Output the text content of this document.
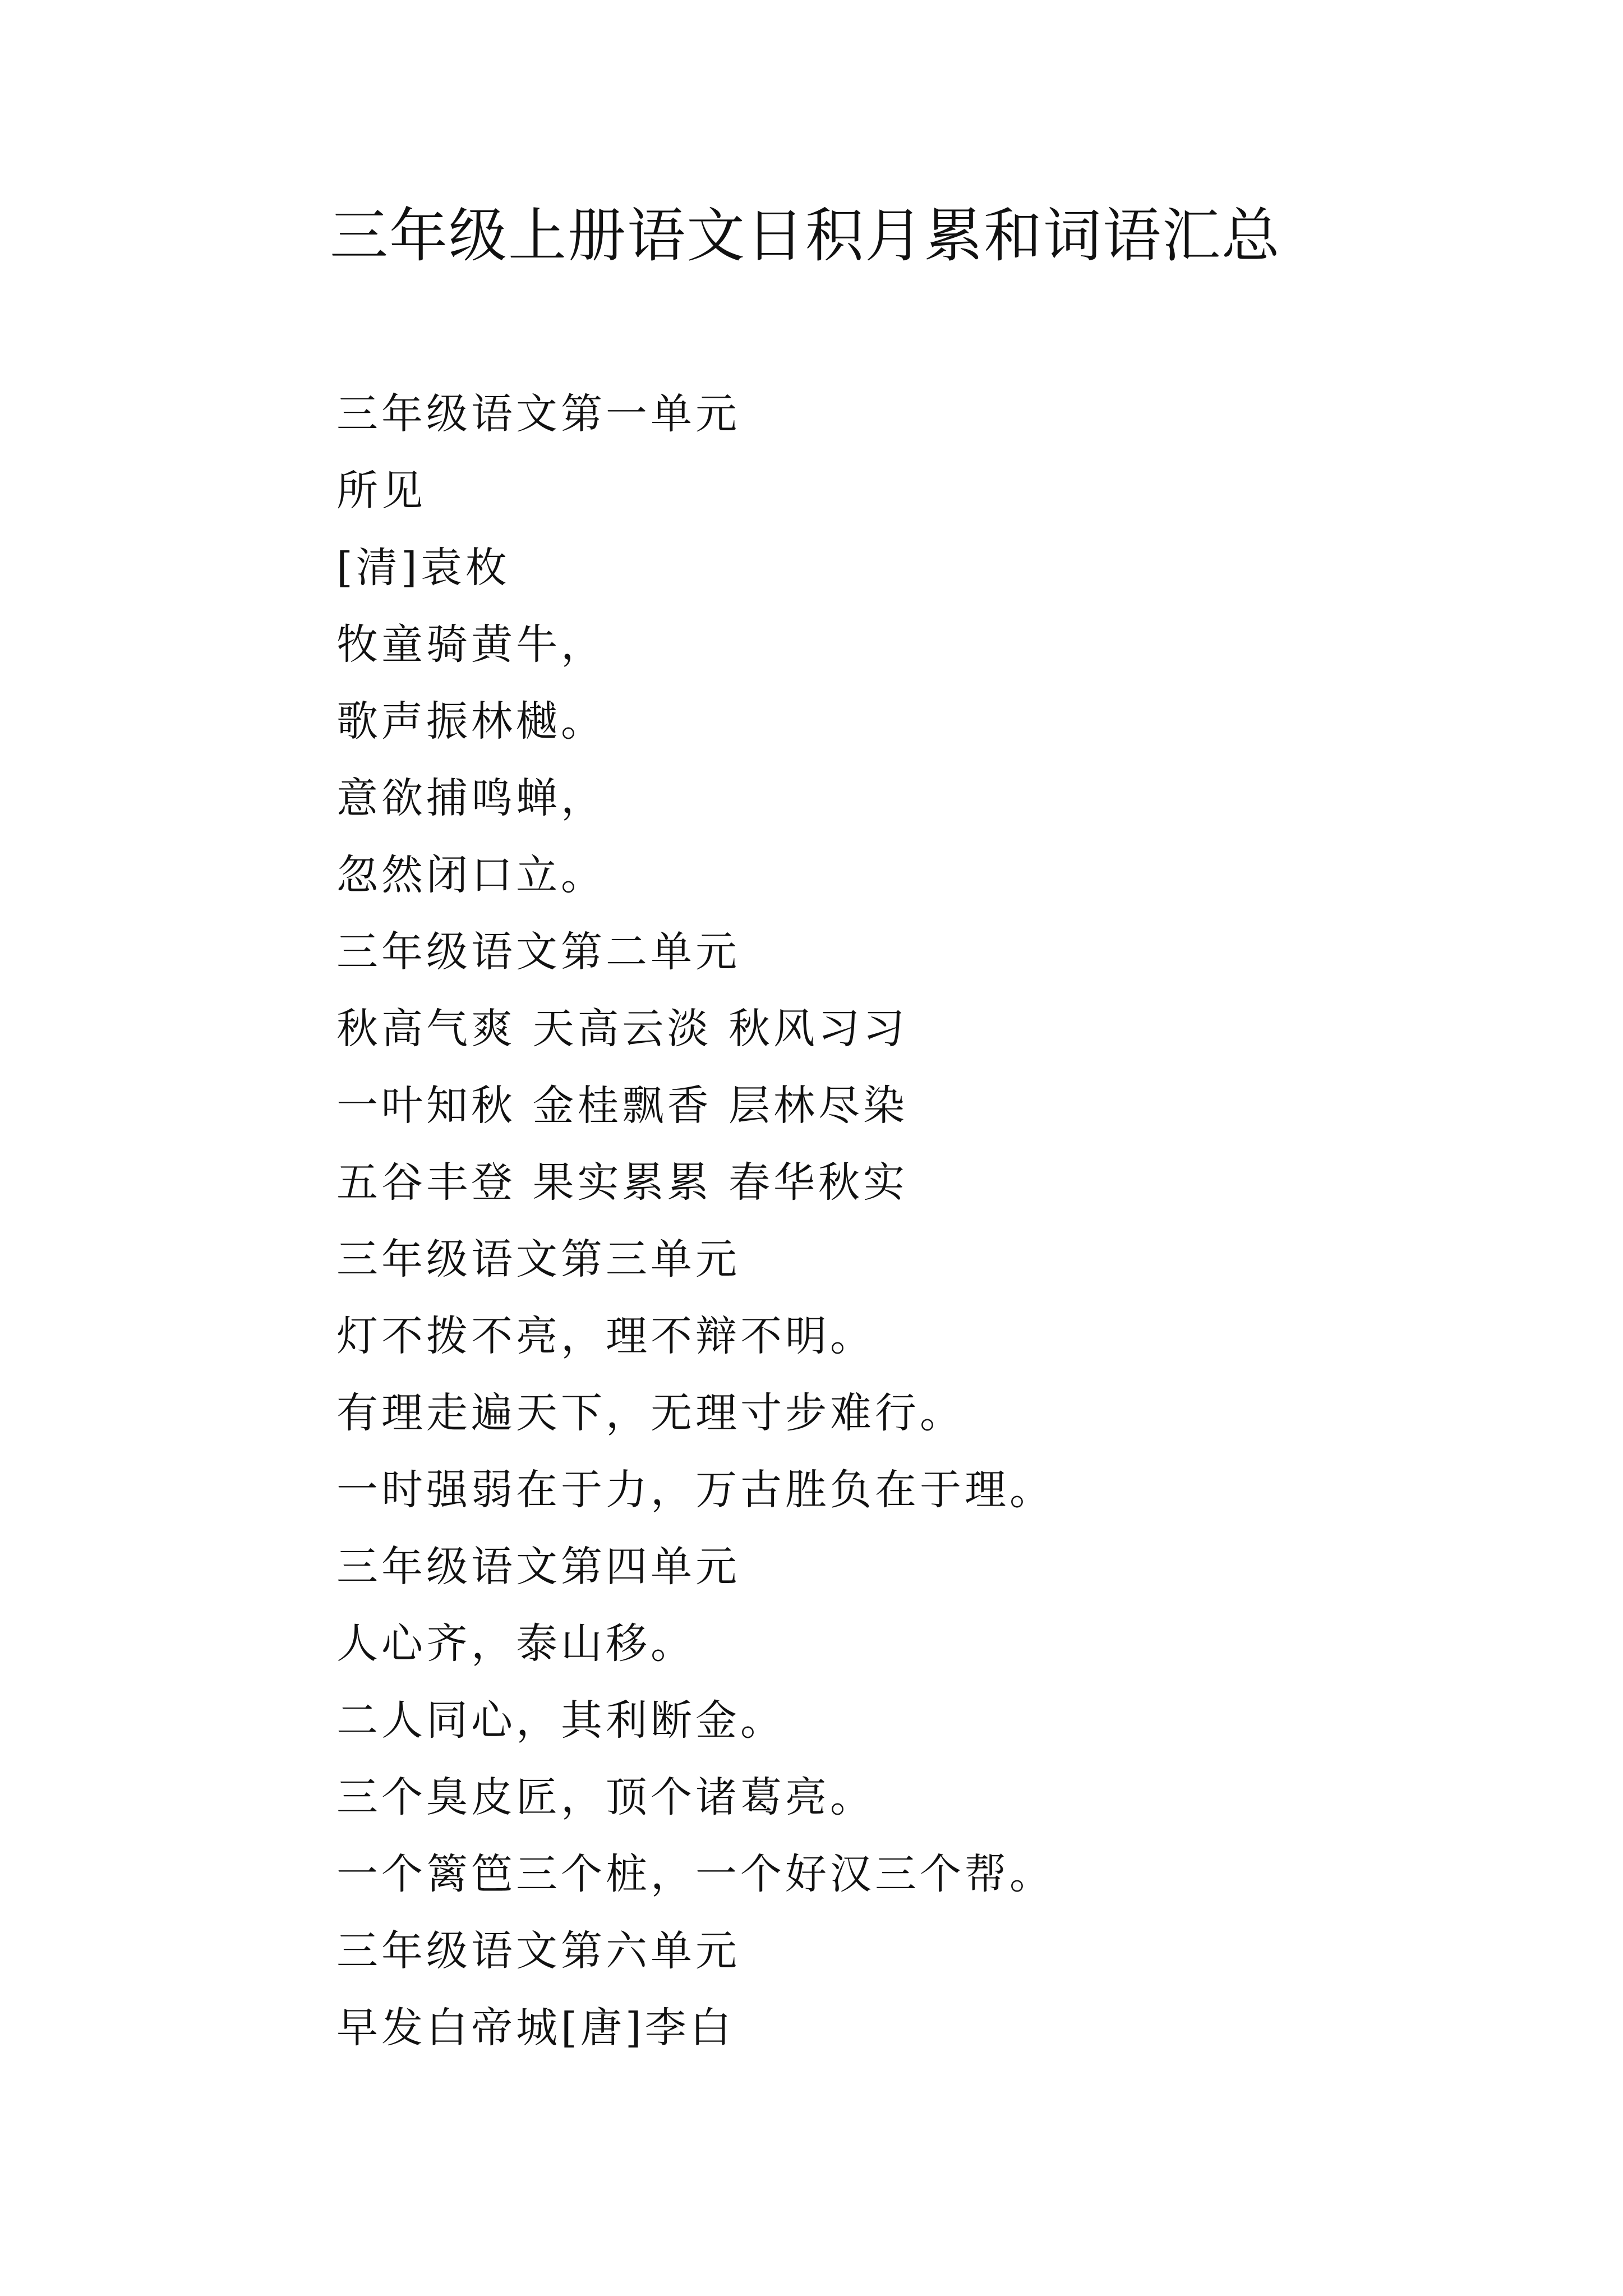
三年级上册语文日积月累和词语汇总
三年级语文第一单元
所见
[清]袁枚
牧童骑黄牛，
歌声振林樾。
意欲捕鸣蝉，
忽然闭口立。
三年级语文第二单元
秋高气爽 天高云淡 秋风习习
一叶知秋 金桂飘香 层林尽染
五谷丰登 果实累累 春华秋实
三年级语文第三单元
灯不拨不亮，理不辩不明。
有理走遍天下，无理寸步难行。
一时强弱在于力，万古胜负在于理。
三年级语文第四单元
人心齐，泰山移。
二人同心，其利断金。
三个臭皮匠，顶个诸葛亮。
一个篱笆三个桩，一个好汉三个帮。
三年级语文第六单元
早发白帝城[唐]李白
